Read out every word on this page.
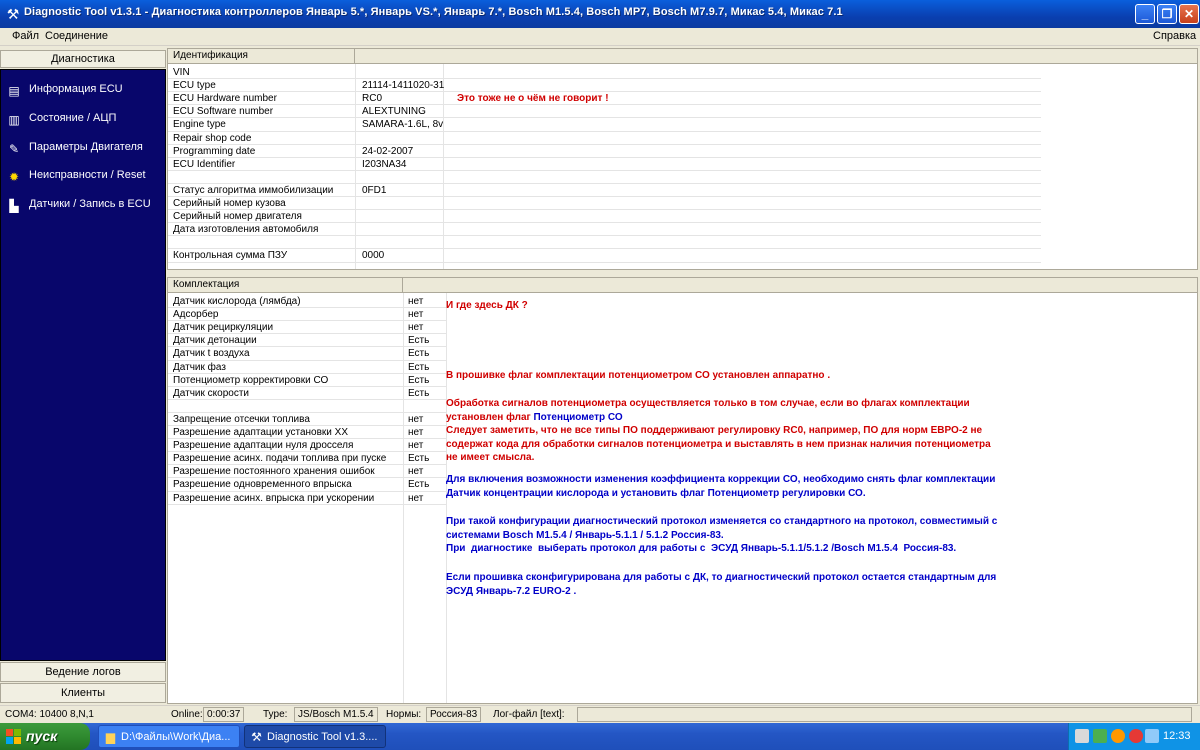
⚒ Diagnostic Tool v1.3.1 - Диагностика контроллеров Январь 5.*, Январь VS.*, Январь 7.*, Bosch M1.5.4, Bosch MP7, Bosch M7.9.7, Микас 5.4, Микас 7.1	_	❐ ✕
Файл Соединение	Справка
Диагностика
▤ Информация ECU
▥ Состояние / АЦП
✎ Параметры Двигателя
✹ Неисправности / Reset
▙ Датчики / Запись в ECU
Ведение логов
Клиенты
Идентификация
VIN
ECU type	21114-1411020-31
ECU Hardware number	RC0
ECU Software number	ALEXTUNING
Engine type	SAMARA-1.6L, 8v
Repair shop code
Programming date	24-02-2007
ECU Identifier	I203NA34
Статус алгоритма иммобилизации	0FD1
Серийный номер кузова
Серийный номер двигателя
Дата изготовления автомобиля
Контрольная сумма ПЗУ	0000
Это тоже не о чём не говорит !
Комплектация
Датчик кислорода (лямбда)	нет
Адсорбер	нет
Датчик рециркуляции	нет
Датчик детонации	Есть
Датчик t воздуха	Есть
Датчик фаз	Есть
Потенциометр корректировки СО	Есть
Датчик скорости	Есть
Запрещение отсечки топлива	нет
Разрешение адаптации установки ХХ	нет
Разрешение адаптации нуля дросселя	нет
Разрешение асинх. подачи топлива при пуске	Есть
Разрешение постоянного хранения ошибок	нет
Разрешение одновременного впрыска	Есть
Разрешение асинх. впрыска при ускорении	нет
И где здесь ДК ?
В прошивке флаг комплектации потенциометром СО установлен аппаратно .
Обработка сигналов потенциометра осуществляется только в том случае, если во флагах комплектации
установлен флаг Потенциометр СО
Следует заметить, что не все типы ПО поддерживают регулировку RC0, например, ПО для норм ЕВРО-2 не
содержат кода для обработки сигналов потенциометра и выставлять в нем признак наличия потенциометра
не имеет смысла.
Для включения возможности изменения коэффициента коррекции СО, необходимо снять флаг комплектации
Датчик концентрации кислорода и установить флаг Потенциометр регулировки СО.
При такой конфигурации диагностический протокол изменяется со стандартного на протокол, совместимый с
системами Bosch M1.5.4 / Январь-5.1.1 / 5.1.2 Россия-83.
При  диагностике  выберать протокол для работы с  ЭСУД Январь-5.1.1/5.1.2 /Bosch M1.5.4  Россия-83.
Если прошивка сконфигурирована для работы с ДК, то диагностический протокол остается стандартным для
ЭСУД Январь-7.2 EURO-2 .
COM4: 10400 8,N,1	Online: 0:00:37	Type:	JS/Bosch M1.5.4	Нормы: Россия-83	Лог-файл [text]:
пуск	▆ D:\Файлы\Work\Диа...	⚒ Diagnostic Tool v1.3....	12:33
